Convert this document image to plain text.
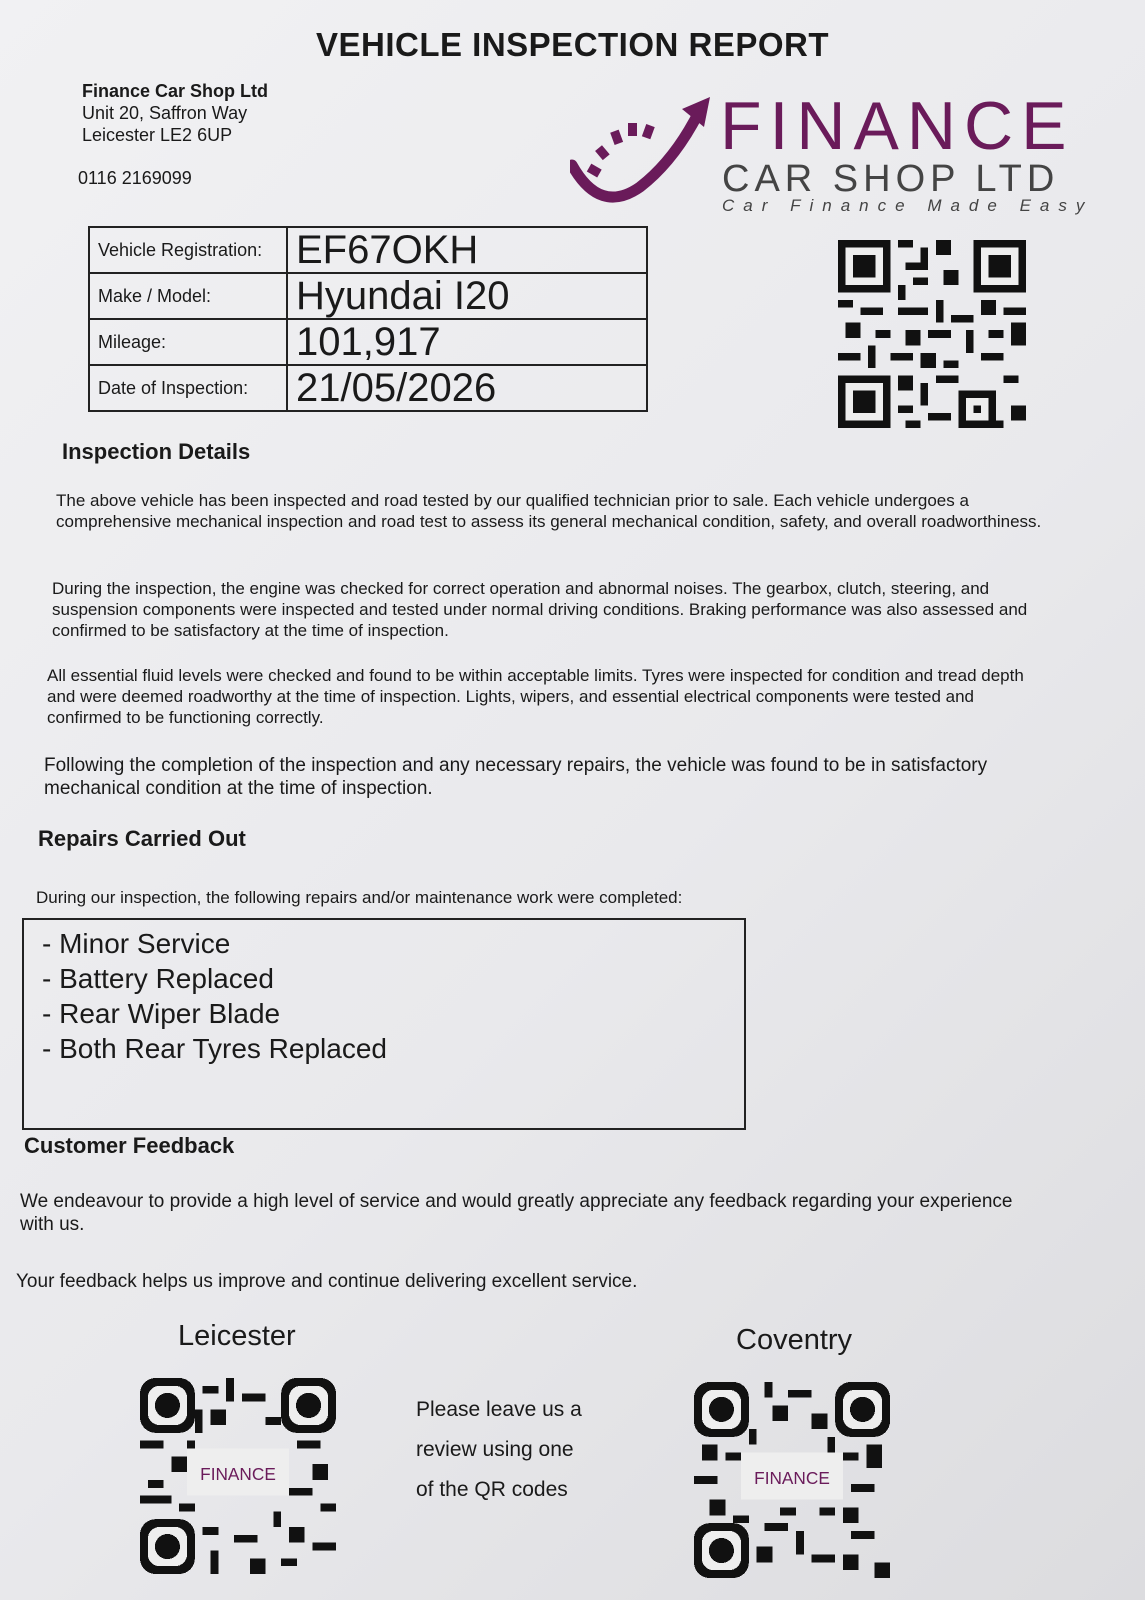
VEHICLE INSPECTION REPORT
Finance Car Shop Ltd
Unit 20, Saffron Way
Leicester LE2 6UP
0116 2169099
FINANCE
CAR SHOP LTD
Car Finance Made Easy
Vehicle Registration:	EF67OKH
Make / Model:	Hyundai I20
Mileage:	101,917
Date of Inspection:	21/05/2026
Inspection Details
The above vehicle has been inspected and road tested by our qualified technician prior to sale. Each vehicle undergoes a comprehensive mechanical inspection and road test to assess its general mechanical condition, safety, and overall roadworthiness.
During the inspection, the engine was checked for correct operation and abnormal noises. The gearbox, clutch, steering, and suspension components were inspected and tested under normal driving conditions. Braking performance was also assessed and confirmed to be satisfactory at the time of inspection.
All essential fluid levels were checked and found to be within acceptable limits. Tyres were inspected for condition and tread depth and were deemed roadworthy at the time of inspection. Lights, wipers, and essential electrical components were tested and confirmed to be functioning correctly.
Following the completion of the inspection and any necessary repairs, the vehicle was found to be in satisfactory mechanical condition at the time of inspection.
Repairs Carried Out
During our inspection, the following repairs and/or maintenance work were completed:
- Minor Service
- Battery Replaced
- Rear Wiper Blade
- Both Rear Tyres Replaced
Customer Feedback
We endeavour to provide a high level of service and would greatly appreciate any feedback regarding your experience with us.
Your feedback helps us improve and continue delivering excellent service.
Leicester	Coventry
FINANCE
Please leave us a
review using one
of the QR codes
FINANCE
